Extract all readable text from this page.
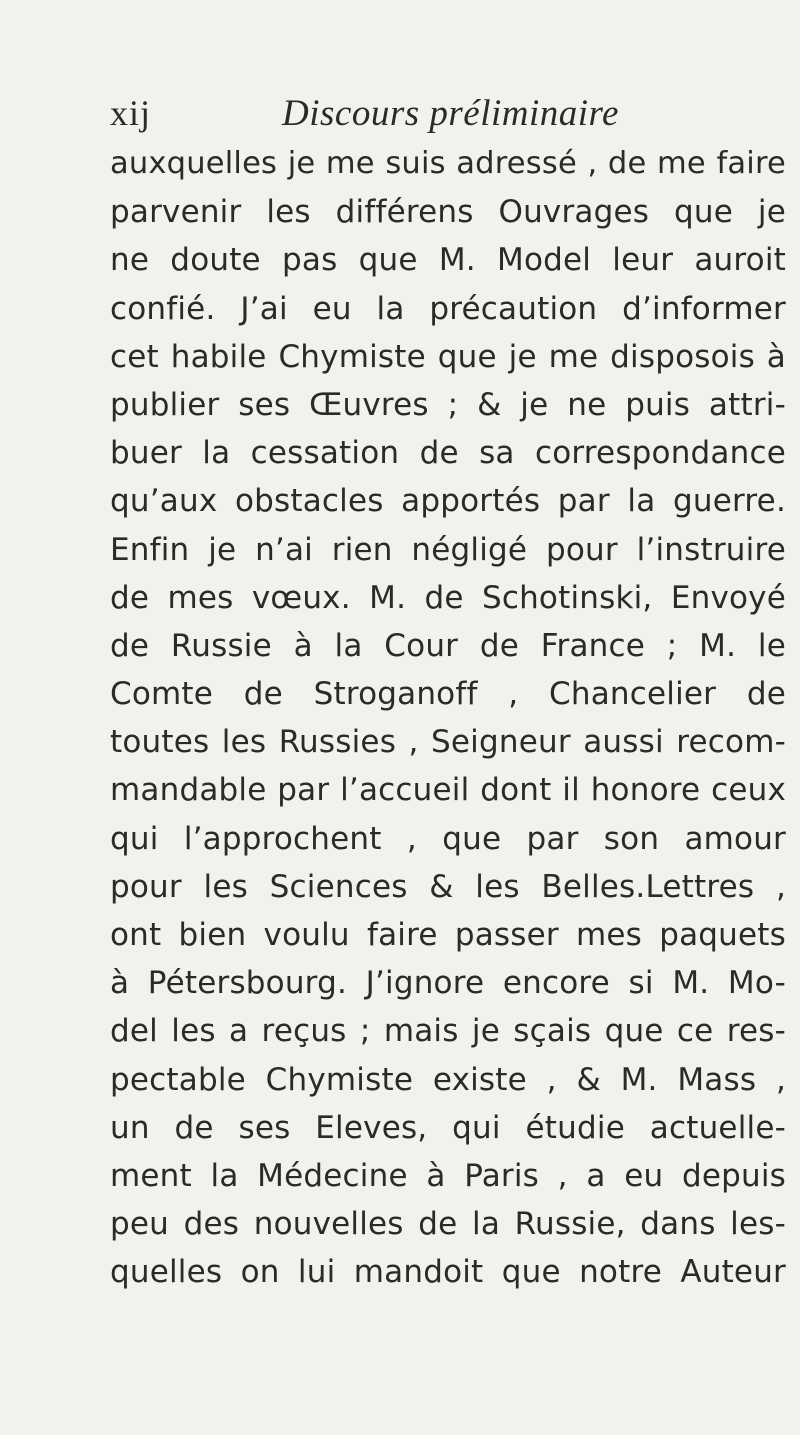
xij	Discours préliminaire
auxquelles je me suis adressé , de me faire
parvenir les différens Ouvrages que je
ne doute pas que M. Model leur auroit
confié. J’ai eu la précaution d’informer
cet habile Chymiste que je me disposois à
publier ses Œuvres ; & je ne puis attri-
buer la cessation de sa correspondance
qu’aux obstacles apportés par la guerre.
Enfin je n’ai rien négligé pour l’instruire
de mes vœux. M. de Schotinski, Envoyé
de Russie à la Cour de France ; M. le
Comte de Stroganoff , Chancelier de
toutes les Russies , Seigneur aussi recom-
mandable par l’accueil dont il honore ceux
qui l’approchent , que par son amour
pour les Sciences & les Belles.Lettres ,
ont bien voulu faire passer mes paquets
à Pétersbourg. J’ignore encore si M. Mo-
del les a reçus ; mais je sçais que ce res-
pectable Chymiste existe , & M. Mass ,
un de ses Eleves, qui étudie actuelle-
ment la Médecine à Paris , a eu depuis
peu des nouvelles de la Russie, dans les-
quelles on lui mandoit que notre Auteur
